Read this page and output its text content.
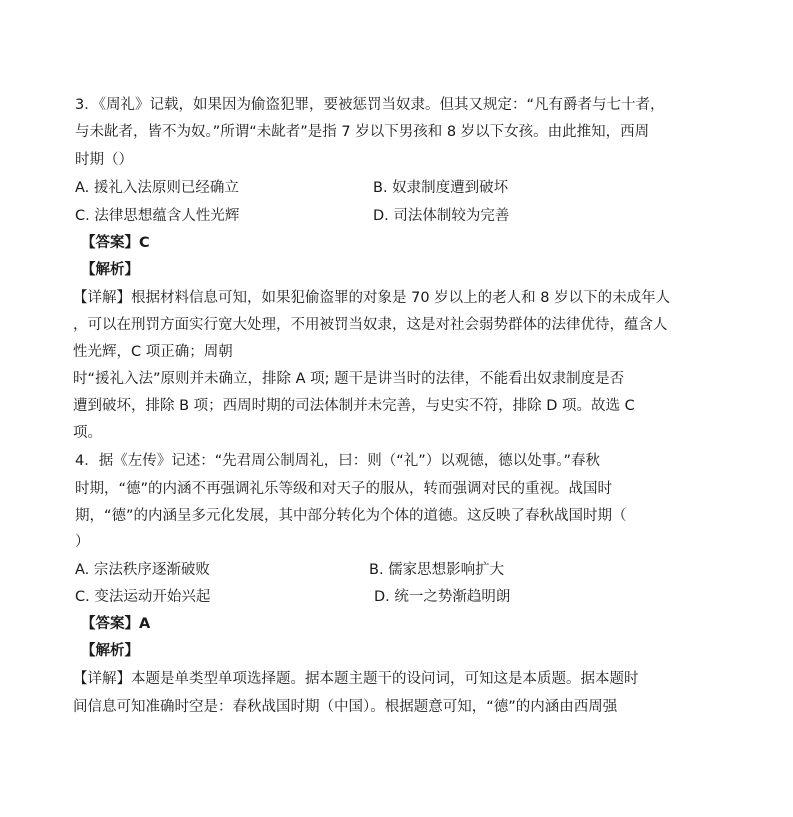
3．《周礼》记载，如果因为偷盗犯罪，要被惩罚当奴隶。但其又规定：“凡有爵者与七十者，
与未龀者，皆不为奴。”所谓“未龀者”是指 7 岁以下男孩和 8 岁以下女孩。由此推知，西周
时期（）
A. 援礼入法原则已经确立	B. 奴隶制度遭到破坏
C. 法律思想蕴含人性光辉	D. 司法体制较为完善
【答案】C
【解析】
【详解】根据材料信息可知，如果犯偷盗罪的对象是 70 岁以上的老人和 8 岁以下的未成年人
，可以在刑罚方面实行宽大处理，不用被罚当奴隶，这是对社会弱势群体的法律优待，蕴含人
性光辉，C 项正确；周朝
时“援礼入法”原则并未确立，排除 A 项; 题干是讲当时的法律，不能看出奴隶制度是否
遭到破坏，排除 B 项；西周时期的司法体制并未完善，与史实不符，排除 D 项。故选 C
项。
4．据《左传》记述：“先君周公制周礼，曰：则（“礼”）以观德，德以处事。”春秋
时期，“德”的内涵不再强调礼乐等级和对天子的服从，转而强调对民的重视。战国时
期，“德”的内涵呈多元化发展，其中部分转化为个体的道德。这反映了春秋战国时期（
）
A. 宗法秩序逐渐破败	B. 儒家思想影响扩大
C. 变法运动开始兴起	D. 统一之势渐趋明朗
【答案】A
【解析】
【详解】本题是单类型单项选择题。据本题主题干的设问词，可知这是本质题。据本题时
间信息可知准确时空是：春秋战国时期（中国）。根据题意可知，“德”的内涵由西周强
